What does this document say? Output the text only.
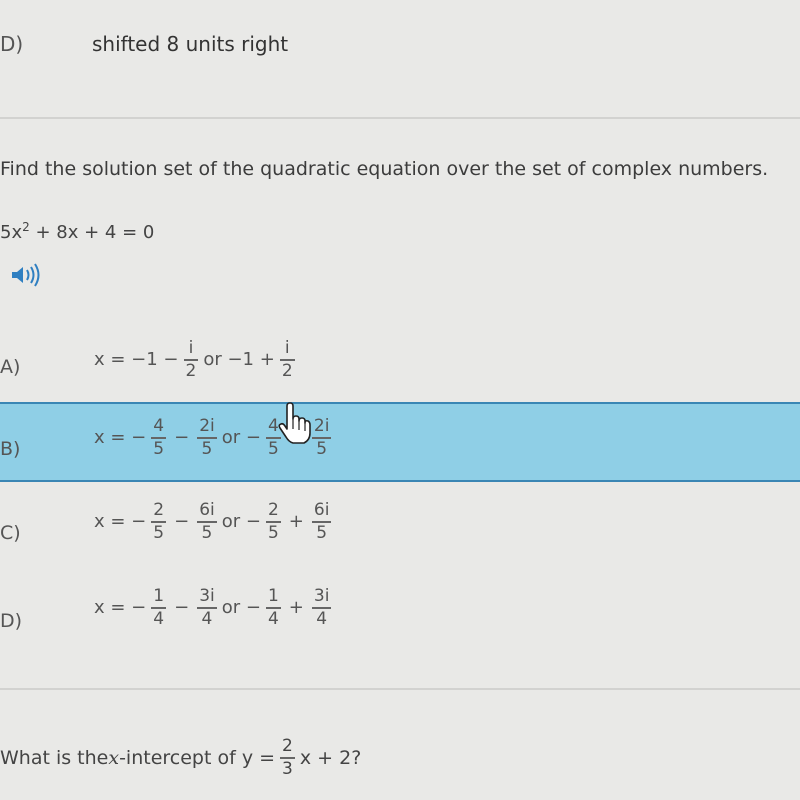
D)	shifted 8 units right
Find the solution set of the quadratic equation over the set of complex numbers.
$5x^2 + 8x + 4 = 0$
A)	$x = -1 - \frac{i}{2}$ or $-1 + \frac{i}{2}$
B)
x = − $\frac{4}{5} - \frac{2i}{5}$ or − $\frac{4}{5} \frac{2i}{5}$
C)
x = − $\frac{2}{5} - \frac{6i}{5}$ or − $\frac{2}{5} + \frac{6i}{5}$
D)
x = − $\frac{1}{4} - \frac{3i}{4}$ or − $\frac{1}{4} + \frac{3i}{4}$
What is the x -intercept of $y = \frac{2}{3}$ x + 2?
